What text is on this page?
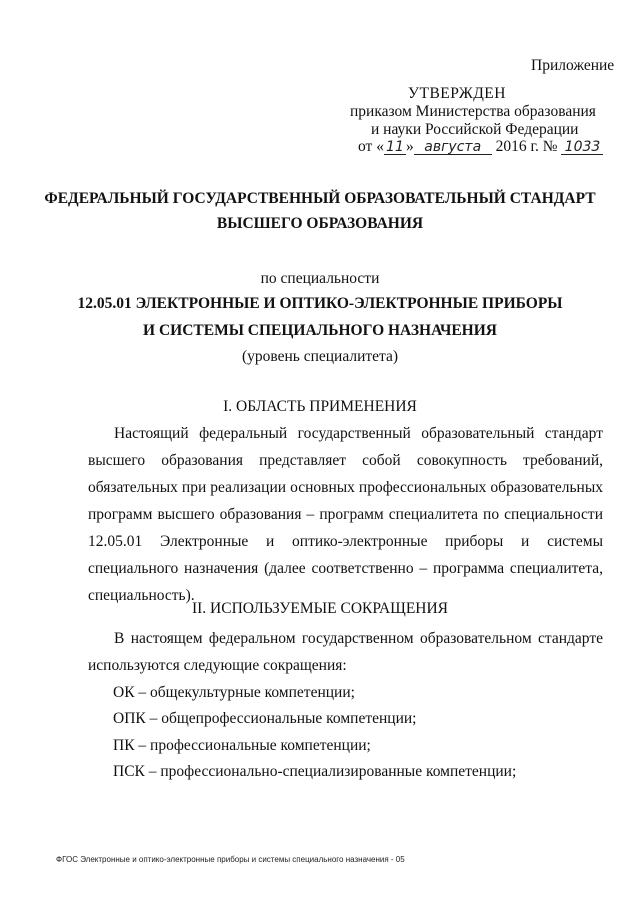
Приложение
УТВЕРЖДЕН
приказом Министерства образования
и науки Российской Федерации
от « 11 » августа 2016 г. № 1033
ФЕДЕРАЛЬНЫЙ ГОСУДАРСТВЕННЫЙ ОБРАЗОВАТЕЛЬНЫЙ СТАНДАРТ
ВЫСШЕГО ОБРАЗОВАНИЯ
по специальности
12.05.01 ЭЛЕКТРОННЫЕ И ОПТИКО-ЭЛЕКТРОННЫЕ ПРИБОРЫ
И СИСТЕМЫ СПЕЦИАЛЬНОГО НАЗНАЧЕНИЯ
(уровень специалитета)
I. ОБЛАСТЬ ПРИМЕНЕНИЯ

Настоящий федеральный государственный образовательный стандарт высшего образования представляет собой совокупность требований, обязательных при реализации основных профессиональных образовательных программ высшего образования – программ специалитета по специальности 12.05.01 Электронные и оптико-электронные приборы и системы специального назначения (далее соответственно – программа специалитета, специальность).

II. ИСПОЛЬЗУЕМЫЕ СОКРАЩЕНИЯ

В настоящем федеральном государственном образовательном стандарте используются следующие сокращения:

ОК – общекультурные компетенции;
ОПК – общепрофессиональные компетенции;
ПК – профессиональные компетенции;
ПСК – профессионально-специализированные компетенции;
ФГОС Электронные и оптико-электронные приборы и системы специального назначения - 05
